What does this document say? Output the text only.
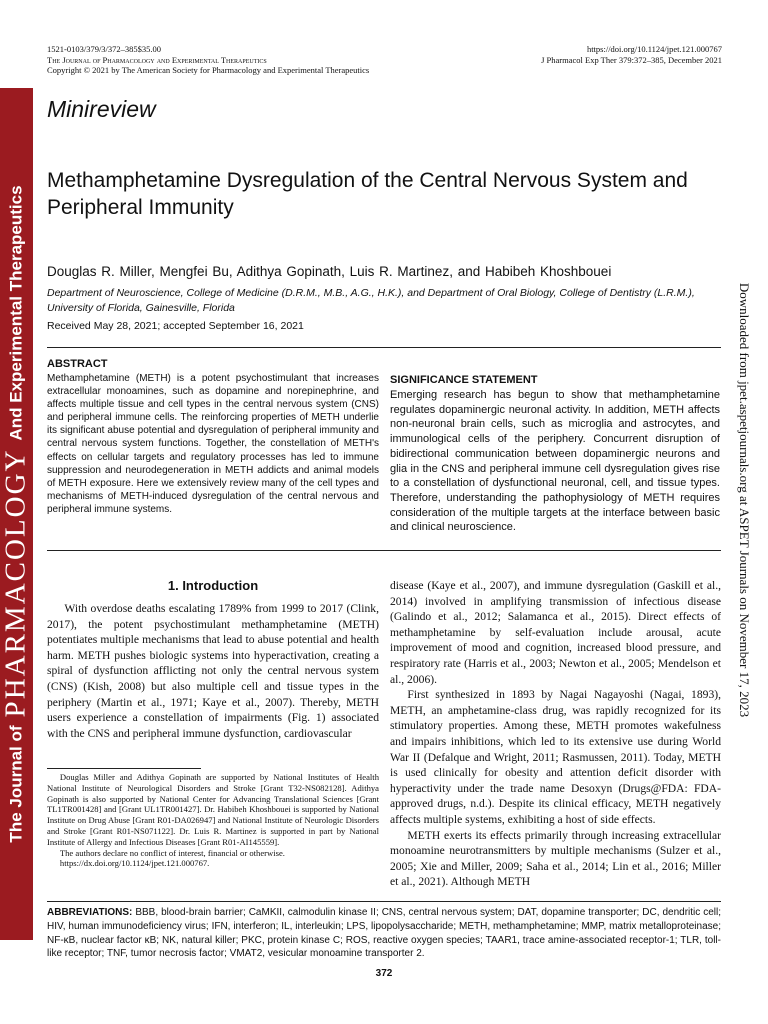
The Journal of
PHARMACOLOGY
And Experimental Therapeutics	Downloaded from jpet.aspetjournals.org at ASPET Journals on November 17, 2023
1521-0103/379/3/372–385$35.00
The Journal of Pharmacology and Experimental Therapeutics
Copyright © 2021 by The American Society for Pharmacology and Experimental Therapeutics
https://doi.org/10.1124/jpet.121.000767
J Pharmacol Exp Ther 379:372–385, December 2021
Minireview
Methamphetamine Dysregulation of the Central Nervous System and Peripheral Immunity
Douglas R. Miller, Mengfei Bu, Adithya Gopinath, Luis R. Martinez, and Habibeh Khoshbouei
Department of Neuroscience, College of Medicine (D.R.M., M.B., A.G., H.K.), and Department of Oral Biology, College of Dentistry (L.R.M.), University of Florida, Gainesville, Florida
Received May 28, 2021; accepted September 16, 2021
ABSTRACT
Methamphetamine (METH) is a potent psychostimulant that increases extracellular monoamines, such as dopamine and norepinephrine, and affects multiple tissue and cell types in the central nervous system (CNS) and peripheral immune cells. The reinforcing properties of METH underlie its significant abuse potential and dysregulation of peripheral immunity and central nervous system functions. Together, the constellation of METH's effects on cellular targets and regulatory processes has led to immune suppression and neurodegeneration in METH addicts and animal models of METH exposure. Here we extensively review many of the cell types and mechanisms of METH-induced dysregulation of the central nervous and peripheral immune systems.
SIGNIFICANCE STATEMENT
Emerging research has begun to show that methamphetamine regulates dopaminergic neuronal activity. In addition, METH affects non-neuronal brain cells, such as microglia and astrocytes, and immunological cells of the periphery. Concurrent disruption of bidirectional communication between dopaminergic neurons and glia in the CNS and peripheral immune cell dysregulation gives rise to a constellation of dysfunctional neuronal, cell, and tissue types. Therefore, understanding the pathophysiology of METH requires consideration of the multiple targets at the interface between basic and clinical neuroscience.
1. Introduction

With overdose deaths escalating 1789% from 1999 to 2017 (Clink, 2017), the potent psychostimulant methamphetamine (METH) potentiates multiple mechanisms that lead to abuse potential and health harm. METH pushes biologic systems into hyperactivation, creating a spiral of dysfunction afflicting not only the central nervous system (CNS) (Kish, 2008) but also multiple cell and tissue types in the periphery (Martin et al., 1971; Kaye et al., 2007). Thereby, METH users experience a constellation of impairments (Fig. 1) associated with the CNS and peripheral immune dysfunction, cardiovascular

disease (Kaye et al., 2007), and immune dysregulation (Gaskill et al., 2014) involved in amplifying transmission of infectious disease (Galindo et al., 2012; Salamanca et al., 2015). Direct effects of methamphetamine by self-evaluation include arousal, acute improvement of mood and cognition, increased blood pressure, and respiratory rate (Harris et al., 2003; Newton et al., 2005; Mendelson et al., 2006).

First synthesized in 1893 by Nagai Nagayoshi (Nagai, 1893), METH, an amphetamine-class drug, was rapidly recognized for its stimulatory properties. Among these, METH promotes wakefulness and impairs inhibitions, which led to its extensive use during World War II (Defalque and Wright, 2011; Rasmussen, 2011). Today, METH is used clinically for obesity and attention deficit disorder with hyperactivity under the trade name Desoxyn (Drugs@FDA: FDA-approved drugs, n.d.). Despite its clinical efficacy, METH negatively affects multiple systems, exhibiting a host of side effects.

METH exerts its effects primarily through increasing extracellular monoamine neurotransmitters by multiple mechanisms (Sulzer et al., 2005; Xie and Miller, 2009; Saha et al., 2014; Lin et al., 2016; Miller et al., 2021). Although METH

Douglas Miller and Adithya Gopinath are supported by National Institutes of Health National Institute of Neurological Disorders and Stroke [Grant T32-NS082128]. Adithya Gopinath is also supported by National Center for Advancing Translational Sciences [Grant TL1TR001428] and [Grant UL1TR001427]. Dr. Habibeh Khoshbouei is supported by National Institute on Drug Abuse [Grant R01-DA026947] and National Institute of Neurologic Disorders and Stroke [Grant R01-NS071122]. Dr. Luis R. Martinez is supported in part by National Institute of Allergy and Infectious Diseases [Grant R01-AI145559].

The authors declare no conflict of interest, financial or otherwise.

https://dx.doi.org/10.1124/jpet.121.000767.

ABBREVIATIONS: BBB, blood-brain barrier; CaMKII, calmodulin kinase II; CNS, central nervous system; DAT, dopamine transporter; DC, dendritic cell; HIV, human immunodeficiency virus; IFN, interferon; IL, interleukin; LPS, lipopolysaccharide; METH, methamphetamine; MMP, matrix metalloproteinase; NF-κB, nuclear factor κB; NK, natural killer; PKC, protein kinase C; ROS, reactive oxygen species; TAAR1, trace amine-associated receptor-1; TLR, toll-like receptor; TNF, tumor necrosis factor; VMAT2, vesicular monoamine transporter 2.
372
